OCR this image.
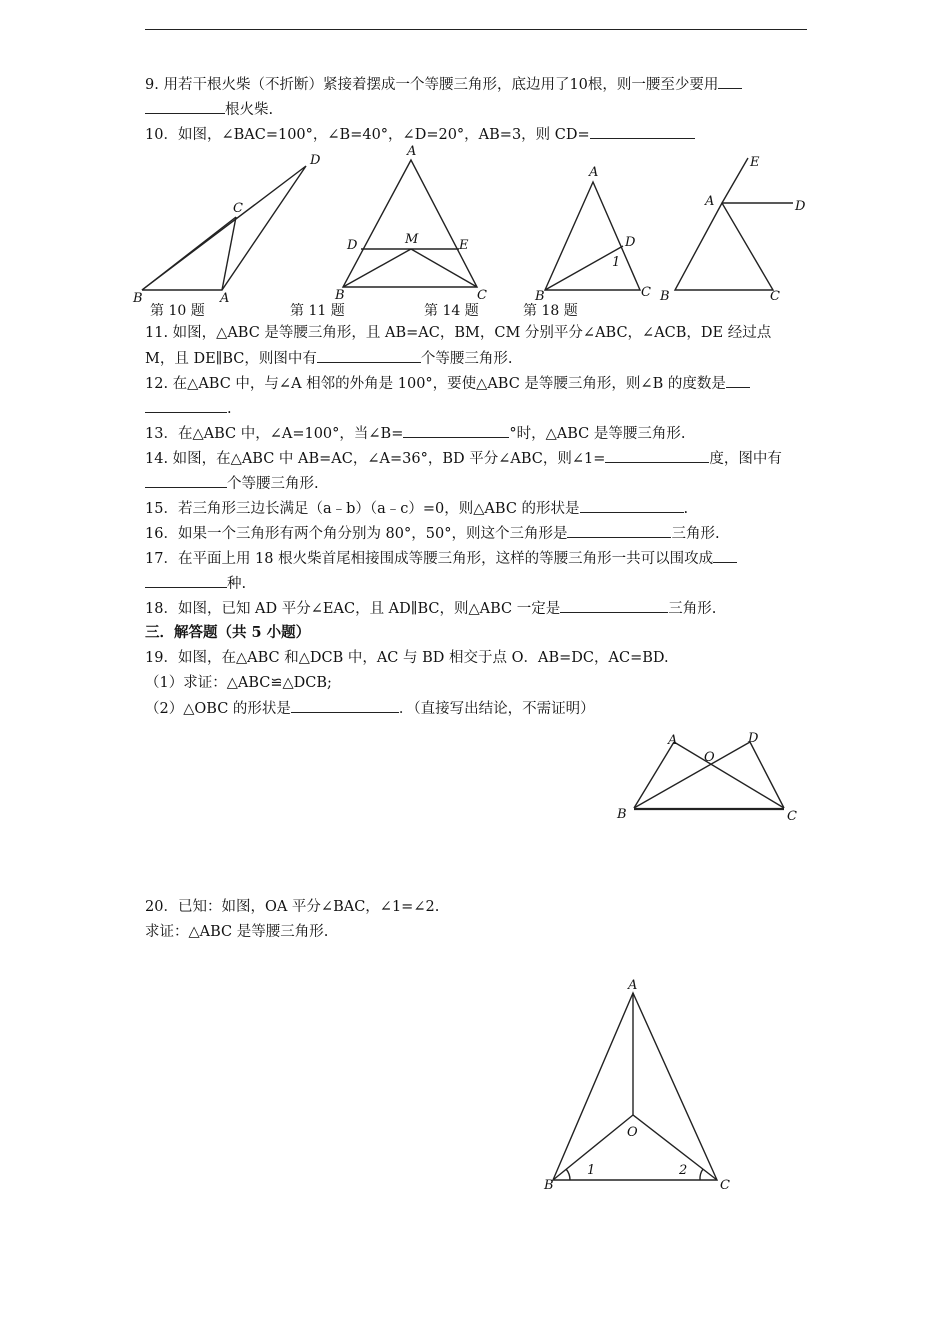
9. 用若干根火柴（不折断）紧接着摆成一个等腰三角形，底边用了10根，则一腰至少要用
根火柴.
10．如图，∠BAC=100°，∠B=40°，∠D=20°，AB=3，则 CD=
D
C
B	A
A
D	M	E
B	C
A
D
1
B	C
E
A	D
B	C
第 10 题	第 11 题	第 14 题	第 18 题
11. 如图，△ABC 是等腰三角形，且 AB=AC，BM，CM 分别平分∠ABC，∠ACB，DE 经过点
M，且 DE∥BC，则图中有	个等腰三角形.
12. 在△ABC 中，与∠A 相邻的外角是 100°，要使△ABC 是等腰三角形，则∠B 的度数是
.
13．在△ABC 中，∠A=100°，当∠B=	°时，△ABC 是等腰三角形.
14. 如图，在△ABC 中 AB=AC，∠A=36°，BD 平分∠ABC，则∠1=	度，图中有
个等腰三角形.
15．若三角形三边长满足（a﹣b）（a﹣c）=0，则△ABC 的形状是	.
16．如果一个三角形有两个角分别为 80°，50°，则这个三角形是	三角形.
17．在平面上用 18 根火柴首尾相接围成等腰三角形，这样的等腰三角形一共可以围攻成
种.
18．如图，已知 AD 平分∠EAC，且 AD∥BC，则△ABC 一定是	三角形.
三．解答题（共 5 小题）
19．如图，在△ABC 和△DCB 中，AC 与 BD 相交于点 O．AB=DC，AC=BD.
（1）求证：△ABC≌△DCB;
（2）△OBC 的形状是	．（直接写出结论，不需证明）
A
O
D
B	C
20．已知：如图，OA 平分∠BAC，∠1=∠2.
求证：△ABC 是等腰三角形.
A
O
B
1	2
C
